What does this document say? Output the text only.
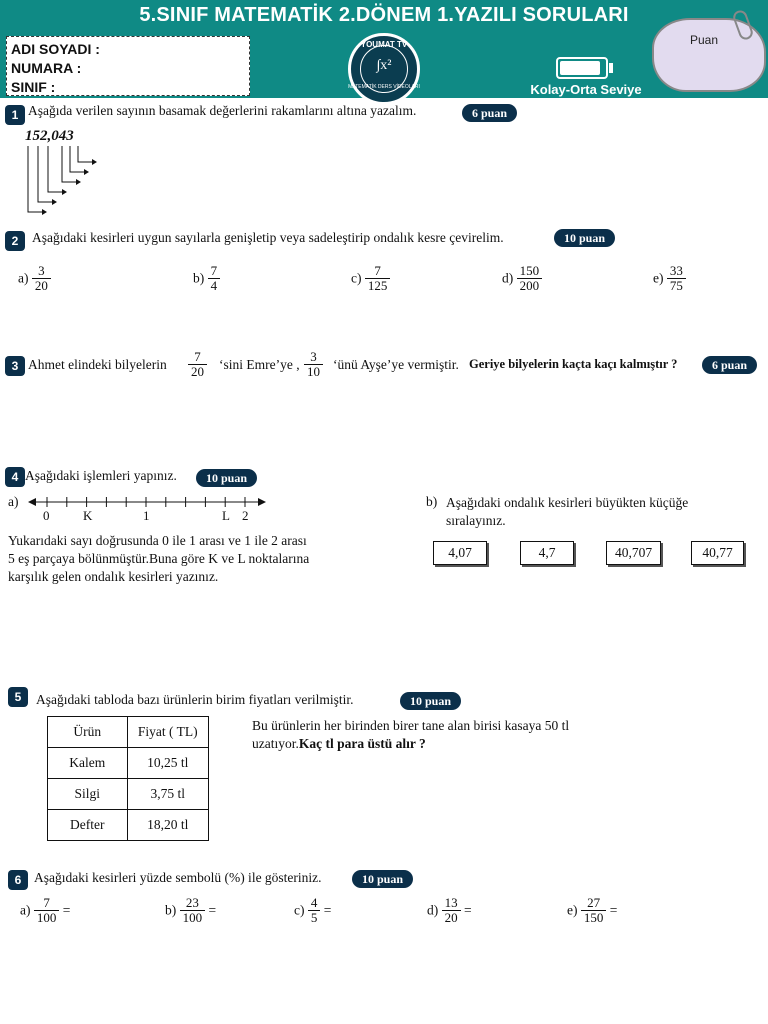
5.SINIF MATEMATİK 2.DÖNEM 1.YAZILI SORULARI
ADI SOYADI :
NUMARA :
SINIF :
YOUMAT TV
MATEMATİK DERS VİDEOLARI
∫x²
Kolay-Orta Seviye
Puan
1 Aşağıda verilen sayının basamak değerlerini rakamlarını altına yazalım.	6 puan
152,043
2	Aşağıdaki kesirleri uygun sayılarla genişletip veya sadeleştirip ondalık kesre çevirelim.	10 puan
$a) \frac{3}{20}$	$b) \frac{7}{4}$	$c) \frac{7}{125}$	$d) \frac{150}{200}$	$e) \frac{33}{75}$
3 Ahmet elindeki bilyelerin $\frac{7}{20}$ ‘sini Emre’ye , $\frac{3}{10}$ ‘ünü Ayşe’ye vermiştir. Geriye bilyelerin kaçta kaçı kalmıştır ?	6 puan
4 Aşağıdaki işlemleri yapınız.	10 puan
a)
0	K	1	L 2
Yukarıdaki sayı doğrusunda 0 ile 1 arası ve 1 ile 2 arası 5 eş parçaya bölünmüştür.Buna göre K ve L noktalarına karşılık gelen ondalık kesirleri yazınız.
b) Aşağıdaki ondalık kesirleri büyükten küçüğe sıralayınız.
4,07	4,7	40,707	40,77
5	Aşağıdaki tabloda bazı ürünlerin birim fiyatları verilmiştir.	10 puan
Ürün	Fiyat ( TL)
Kalem	10,25 tl
Silgi	3,75 tl
Defter	18,20 tl
Bu ürünlerin her birinden birer tane alan birisi kasaya 50 tl uzatıyor.Kaç tl para üstü alır ?
6 Aşağıdaki kesirleri yüzde sembolü (%) ile gösteriniz.	10 puan
$a) \frac{7}{100}$ =	$b) \frac{23}{100}$ =	$c) \frac{4}{5}$ =	$d) \frac{13}{20}$ =	$e) \frac{27}{150}$ =
